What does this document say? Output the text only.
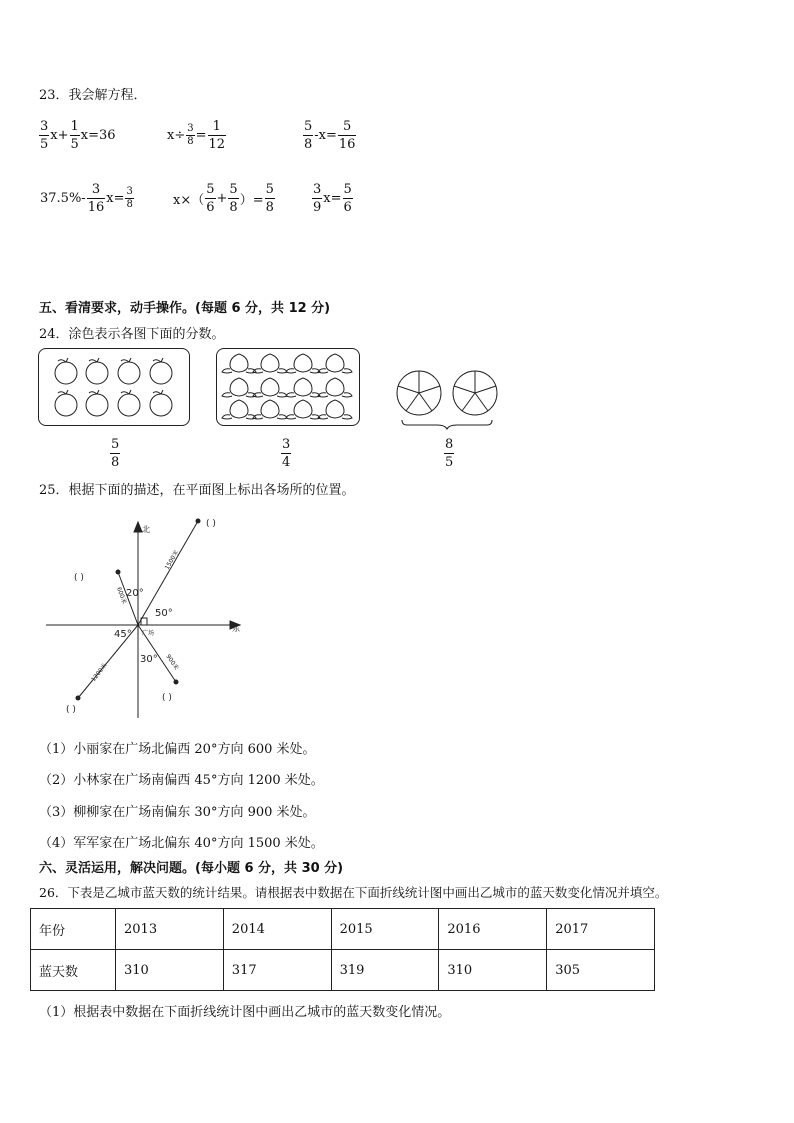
23．我会解方程．
$\frac{3}{5} x+ \frac{1}{5} x=36$	$x\div \frac{3}{8} = \frac{1}{12}$	$\frac{5}{8} -x= \frac{5}{16}$
$37.5\%- \frac{3}{16} x= \frac{3}{8}$	$x\times( \frac{5}{6} + \frac{5}{8}$ ）= $\frac{5}{8}$	$\frac{3}{9} x= \frac{5}{6}$
五、看清要求，动手操作。(每题 6 分，共 12 分)
24．涂色表示各图下面的分数。
$\frac{5}{8}$	$\frac{3}{4}$	$\frac{8}{5}$
25．根据下面的描述，在平面图上标出各场所的位置。
北
东
广场
20°
50°
45°
30°
1500米
600米
1200米	900米
( )
( )
( )
( )
（1）小丽家在广场北偏西 20°方向 600 米处。
（2）小林家在广场南偏西 45°方向 1200 米处。
（3）柳柳家在广场南偏东 30°方向 900 米处。
（4）军军家在广场北偏东 40°方向 1500 米处。
六、灵活运用，解决问题。(每小题 6 分，共 30 分)
26．下表是乙城市蓝天数的统计结果。请根据表中数据在下面折线统计图中画出乙城市的蓝天数变化情况并填空。
年份	2013	2014	2015	2016	2017
蓝天数	310	317	319	310	305
（1）根据表中数据在下面折线统计图中画出乙城市的蓝天数变化情况。
